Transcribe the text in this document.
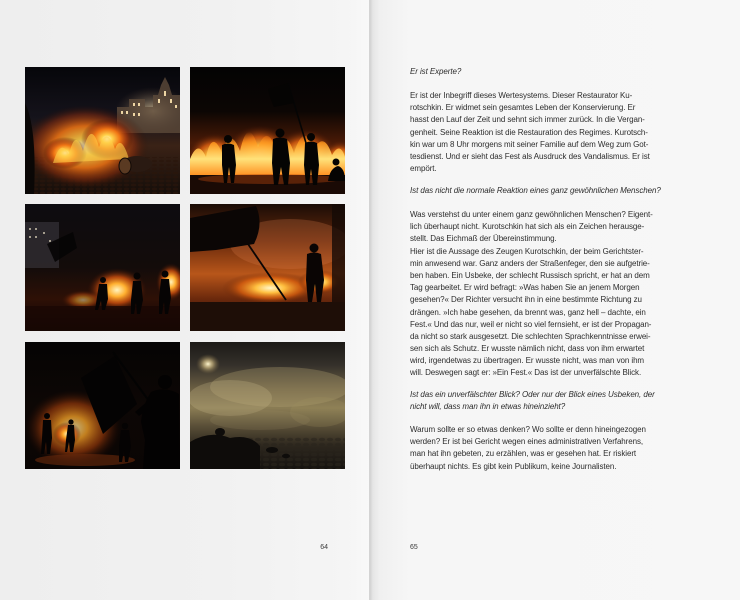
64
Er ist Experte?
Er ist der Inbegriff dieses Wertesystems. Dieser Restaurator Ku-
rotschkin. Er widmet sein gesamtes Leben der Konservierung. Er
hasst den Lauf der Zeit und sehnt sich immer zurück. In die Vergan-
genheit. Seine Reaktion ist die Restauration des Regimes. Kurotsch-
kin war um 8 Uhr morgens mit seiner Familie auf dem Weg zum Got-
tesdienst. Und er sieht das Fest als Ausdruck des Vandalismus. Er ist
empört.
Ist das nicht die normale Reaktion eines ganz gewöhnlichen Menschen?
Was verstehst du unter einem ganz gewöhnlichen Menschen? Eigent-
lich überhaupt nicht. Kurotschkin hat sich als ein Zeichen herausge-
stellt. Das Eichmaß der Übereinstimmung.
Hier ist die Aussage des Zeugen Kurotschkin, der beim Gerichtster-
min anwesend war. Ganz anders der Straßenfeger, den sie aufgetrie-
ben haben. Ein Usbeke, der schlecht Russisch spricht, er hat an dem
Tag gearbeitet. Er wird befragt: »Was haben Sie an jenem Morgen
gesehen?« Der Richter versucht ihn in eine bestimmte Richtung zu
drängen. »Ich habe gesehen, da brennt was, ganz hell – dachte, ein
Fest.« Und das nur, weil er nicht so viel fernsieht, er ist der Propagan-
da nicht so stark ausgesetzt. Die schlechten Sprachkenntnisse erwei-
sen sich als Schutz. Er wusste nämlich nicht, dass von ihm erwartet
wird, irgendetwas zu übertragen. Er wusste nicht, was man von ihm
will. Deswegen sagt er: »Ein Fest.« Das ist der unverfälschte Blick.
Ist das ein unverfälschter Blick? Oder nur der Blick eines Usbeken, der
nicht will, dass man ihn in etwas hineinzieht?
Warum sollte er so etwas denken? Wo sollte er denn hineingezogen
werden? Er ist bei Gericht wegen eines administrativen Verfahrens,
man hat ihn gebeten, zu erzählen, was er gesehen hat. Er riskiert
überhaupt nichts. Es gibt kein Publikum, keine Journalisten.
65
